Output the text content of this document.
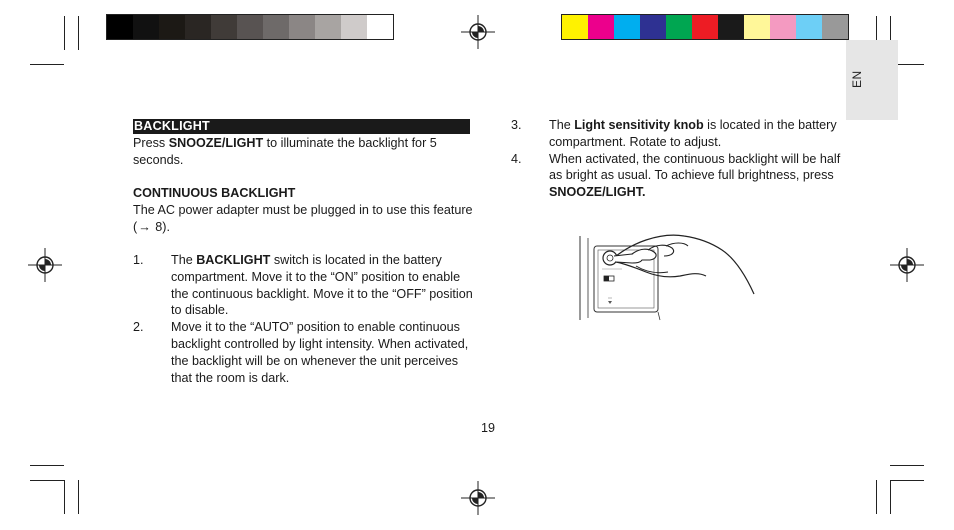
EN
BACKLIGHT
Press SNOOZE/LIGHT to illuminate the backlight for 5 seconds.
CONTINUOUS BACKLIGHT
The AC power adapter must be plugged in to use this feature (→ 8).
1.	The BACKLIGHT switch is located in the battery compartment. Move it to the “ON” position to enable the continuous backlight. Move it to the “OFF” position to disable.
2.	Move it to the “AUTO” position to enable continuous backlight controlled by light intensity. When activated, the backlight will be on whenever the unit perceives that the room is dark.
3.	The Light sensitivity knob is located in the battery compartment. Rotate to adjust.
4.	When activated, the continuous backlight will be half as bright as usual. To achieve full brightness, press SNOOZE/LIGHT.
19
